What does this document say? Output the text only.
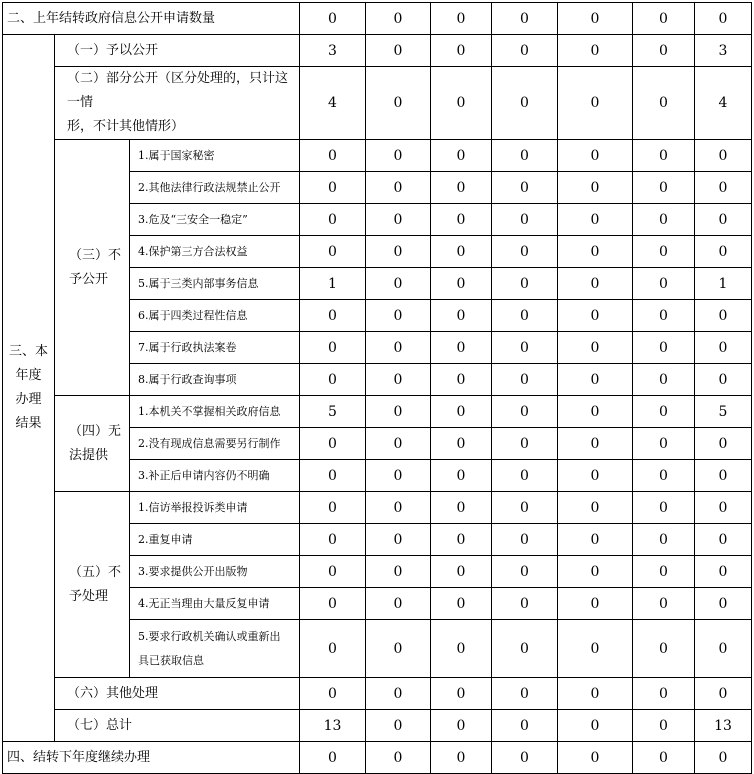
二、上年结转政府信息公开申请数量			0	0	0	0	0	0	0

三、本
年度
办理
结果	（一）予以公开		3	0	0	0	0	0	3

	（二）部分公开（区分处理的，只计这一情
形，不计其他情形）		4	0	0	0	0	0	4

	（三）不
予公开	1.属于国家秘密	0	0	0	0	0	0	0
		2.其他法律行政法规禁止公开	0	0	0	0	0	0	0
		3.危及“三安全一稳定”	0	0	0	0	0	0	0
		4.保护第三方合法权益	0	0	0	0	0	0	0
		5.属于三类内部事务信息	1	0	0	0	0	0	1
		6.属于四类过程性信息	0	0	0	0	0	0	0
		7.属于行政执法案卷	0	0	0	0	0	0	0
		8.属于行政查询事项	0	0	0	0	0	0	0

	（四）无
法提供	1.本机关不掌握相关政府信息	5	0	0	0	0	0	5
		2.没有现成信息需要另行制作	0	0	0	0	0	0	0
		3.补正后申请内容仍不明确	0	0	0	0	0	0	0

	（五）不
予处理	1.信访举报投诉类申请	0	0	0	0	0	0	0
		2.重复申请	0	0	0	0	0	0	0
		3.要求提供公开出版物	0	0	0	0	0	0	0
		4.无正当理由大量反复申请	0	0	0	0	0	0	0

		5.要求行政机关确认或重新出
具已获取信息	0	0	0	0	0	0	0
	（六）其他处理		0	0	0	0	0	0	0
	（七）总计		13	0	0	0	0	0	13
四、结转下年度继续办理			0	0	0	0	0	0	0
